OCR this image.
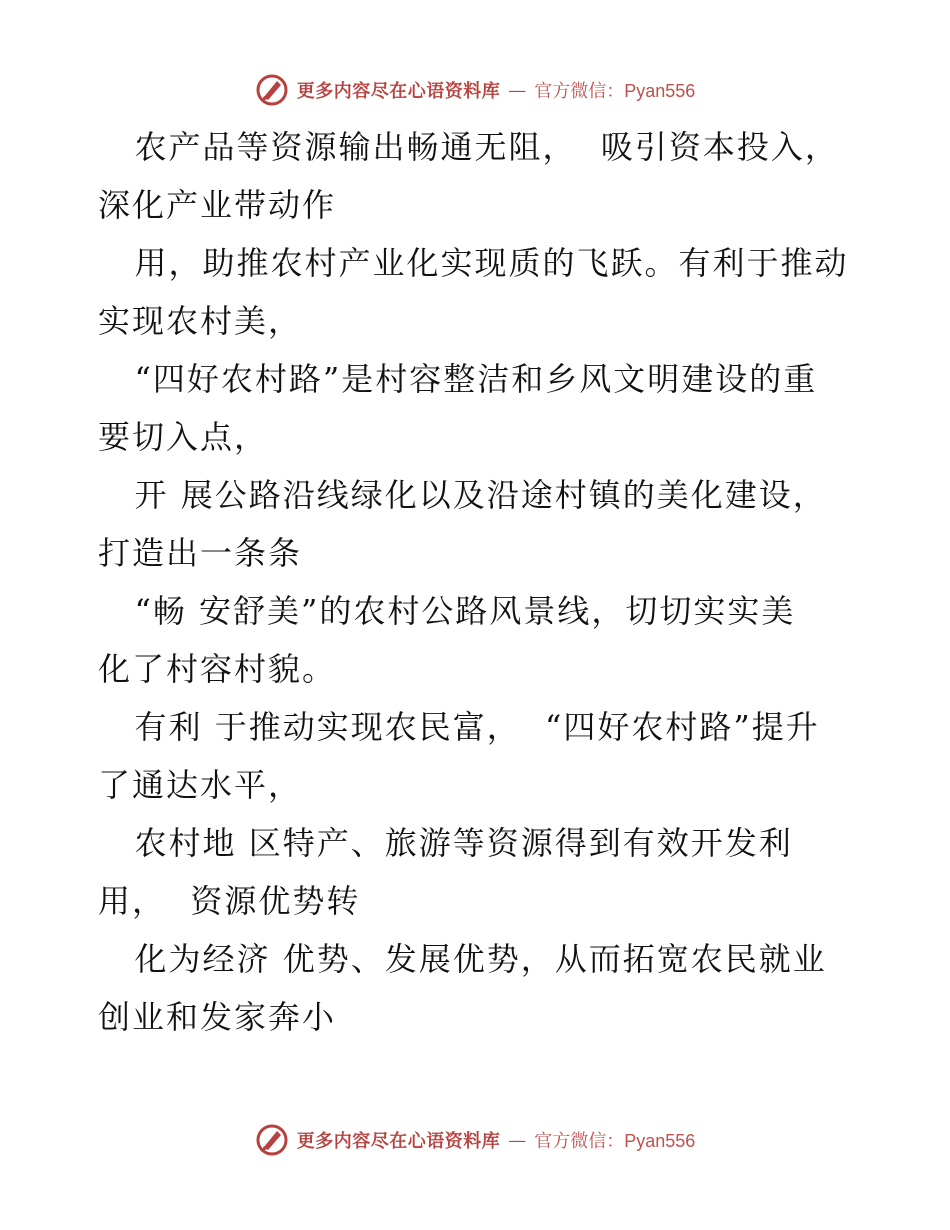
更多内容尽在心语资料库 — 官方微信：Pyan556
农产品等资源输出畅通无阻，  吸引资本投入，
深化产业带动作
用，助推农村产业化实现质的飞跃。有利于推动
实现农村美，
“四好农村路”是村容整洁和乡风文明建设的重
要切入点，
开 展公路沿线绿化以及沿途村镇的美化建设，
打造出一条条
“畅 安舒美”的农村公路风景线，切切实实美
化了村容村貌。
有利 于推动实现农民富，  “四好农村路”提升
了通达水平，
农村地 区特产、旅游等资源得到有效开发利
用，  资源优势转
化为经济 优势、发展优势，从而拓宽农民就业
创业和发家奔小
更多内容尽在心语资料库 — 官方微信：Pyan556
